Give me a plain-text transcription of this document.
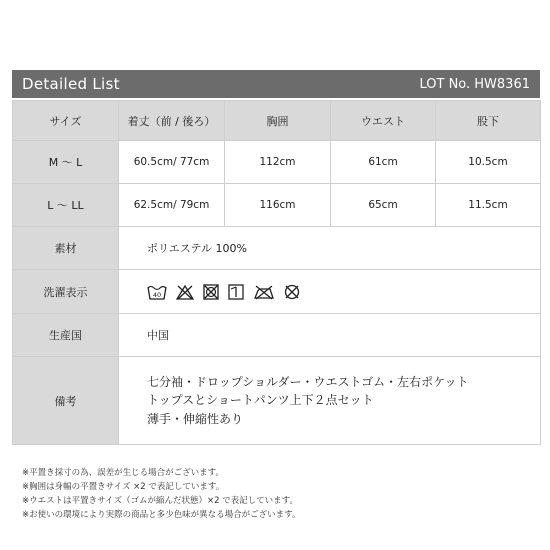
Detailed List	LOT No. HW8361
サイズ	着丈（前 / 後ろ）	胸囲	ウエスト	股下
M 〜 L	60.5cm/ 77cm	112cm	61cm	10.5cm
L 〜 LL	62.5cm/ 79cm	116cm	65cm	11.5cm
素材	ポリエステル 100%			
洗濯表示	40			

生産国	中国			
備考	七分袖・ドロップショルダー・ウエストゴム・左右ポケット
トップスとショートパンツ上下２点セット
薄手・伸縮性あり			
※平置き採寸の為、誤差が生じる場合がございます。
※胸囲は身幅の平置きサイズ ×2 で表記しています。
※ウエストは平置きサイズ（ゴムが縮んだ状態）×2 で表記しています。
※お使いの環境により実際の商品と多少色味が異なる場合がございます。
